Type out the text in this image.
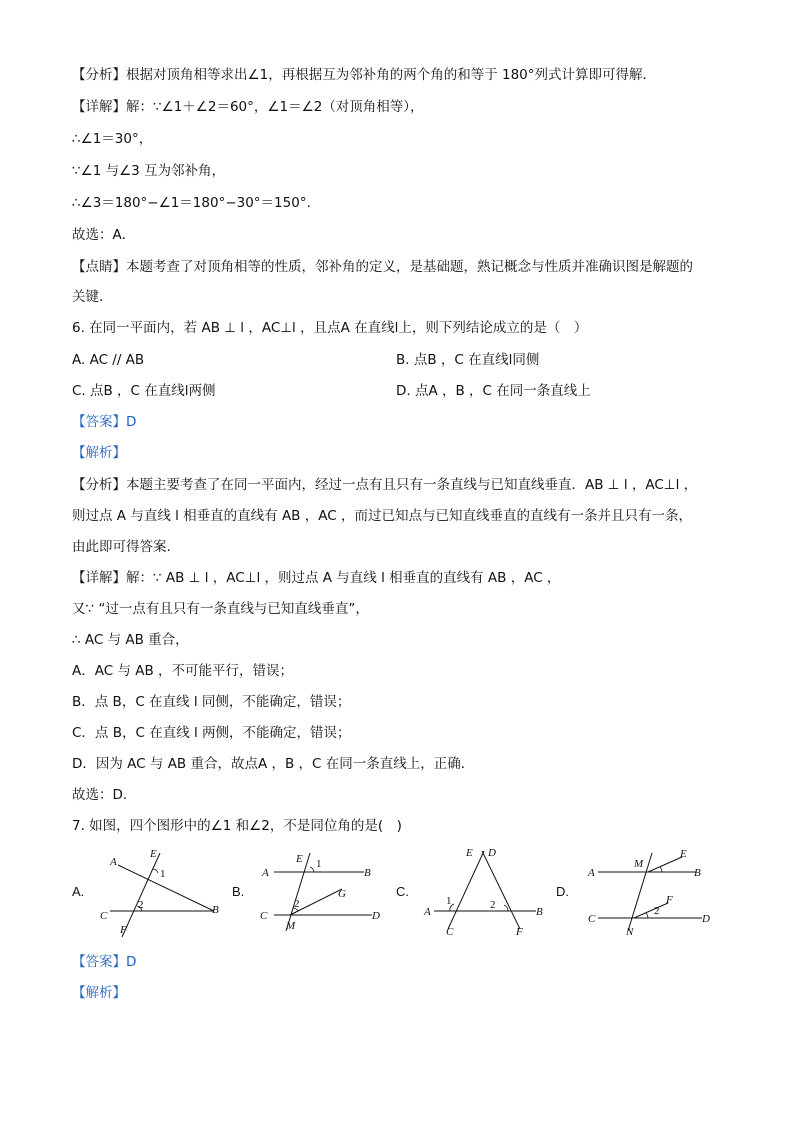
【分析】根据对顶角相等求出∠1，再根据互为邻补角的两个角的和等于 180°列式计算即可得解．
【详解】解：∵∠1＋∠2＝60°，∠1＝∠2（对顶角相等），
∴∠1＝30°，
∵∠1 与∠3 互为邻补角，
∴∠3＝180°−∠1＝180°−30°＝150°．
故选：A．
【点睛】本题考查了对顶角相等的性质，邻补角的定义，是基础题，熟记概念与性质并准确识图是解题的
关键．
6. 在同一平面内，若 AB ⊥ l ，AC⊥l ，且点A 在直线l上，则下列结论成立的是（　）
A. AC // AB	B. 点B ，C 在直线l同侧
C. 点B ，C 在直线l两侧	D. 点A ，B ，C 在同一条直线上
【答案】D
【解析】
【分析】本题主要考查了在同一平面内，经过一点有且只有一条直线与已知直线垂直．AB ⊥ l ，AC⊥l ，
则过点 A 与直线 l 相垂直的直线有 AB ，AC ，而过已知点与已知直线垂直的直线有一条并且只有一条，
由此即可得答案.
【详解】解：∵ AB ⊥ l ，AC⊥l ，则过点 A 与直线 l 相垂直的直线有 AB ，AC ，
又∵ “过一点有且只有一条直线与已知直线垂直”，
∴ AC 与 AB 重合，
A．AC 与 AB ，不可能平行，错误；
B．点 B，C 在直线 l 同侧，不能确定，错误；
C．点 B，C 在直线 l 两侧，不能确定，错误；
D．因为 AC 与 AB 重合，故点A ，B ，C 在同一条直线上，正确．
故选：D.
7. 如图，四个图形中的∠1 和∠2，不是同位角的是(　)
A.
E
A
1
2
C
F
B
B.
E 1
A	B
G
2
C
M
D
C.
E D
1	2
A	B
C	F
D.
M
E
A	B
F
2
C	D
N
【答案】D
【解析】
